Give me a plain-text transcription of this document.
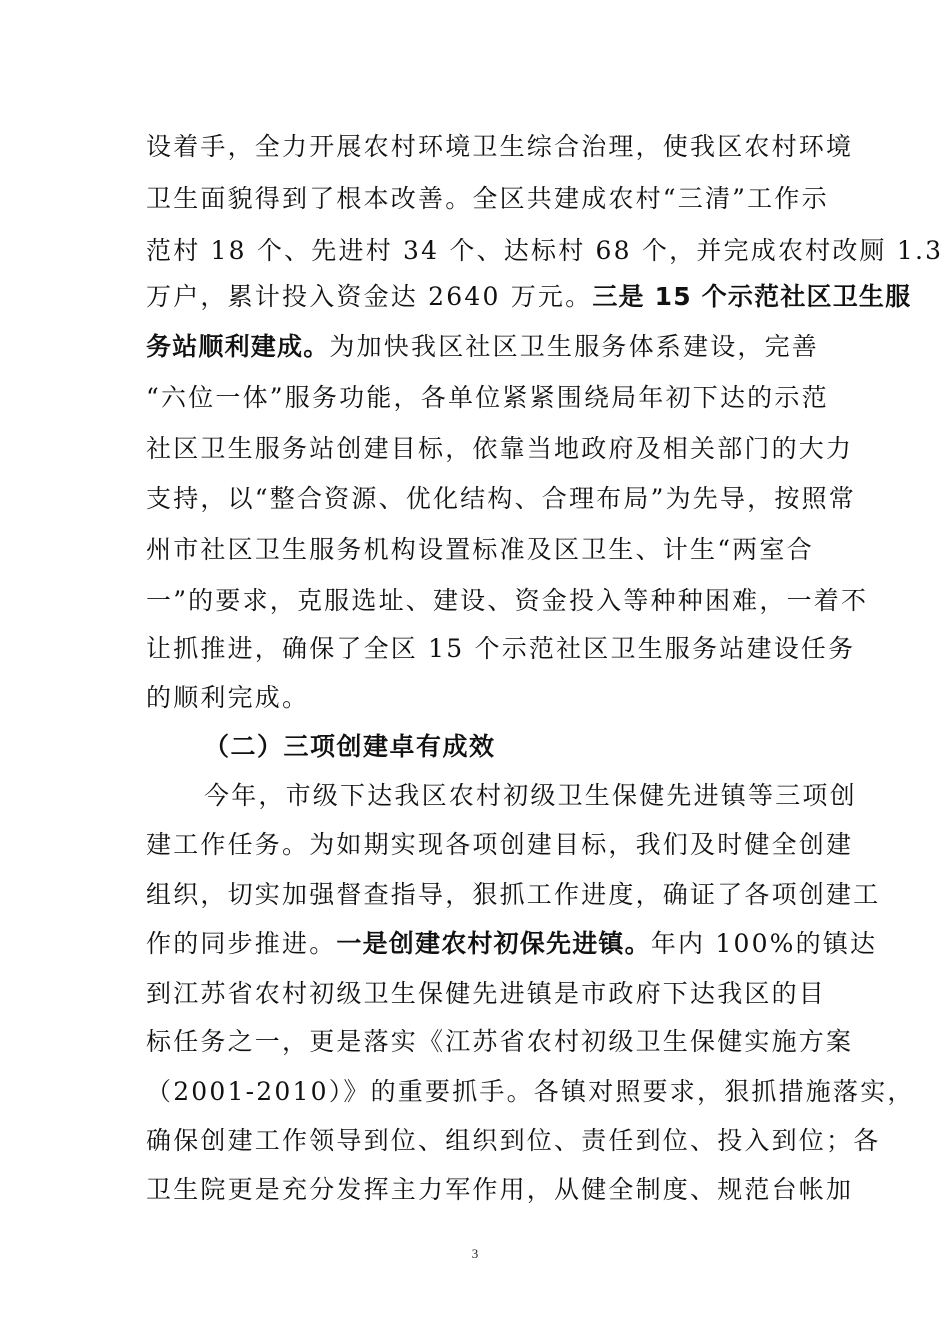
设着手，全力开展农村环境卫生综合治理，使我区农村环境
卫生面貌得到了根本改善。全区共建成农村“三清”工作示
范村 18 个、先进村 34 个、达标村 68 个，并完成农村改厕 1.3
万户，累计投入资金达 2640 万元。三是 15 个示范社区卫生服
务站顺利建成。为加快我区社区卫生服务体系建设，完善
“六位一体”服务功能，各单位紧紧围绕局年初下达的示范
社区卫生服务站创建目标，依靠当地政府及相关部门的大力
支持，以“整合资源、优化结构、合理布局”为先导，按照常
州市社区卫生服务机构设置标准及区卫生、计生“两室合
一”的要求，克服选址、建设、资金投入等种种困难，一着不
让抓推进，确保了全区 15 个示范社区卫生服务站建设任务
的顺利完成。
（二）三项创建卓有成效
今年，市级下达我区农村初级卫生保健先进镇等三项创
建工作任务。为如期实现各项创建目标，我们及时健全创建
组织，切实加强督查指导，狠抓工作进度，确证了各项创建工
作的同步推进。一是创建农村初保先进镇。年内 100%的镇达
到江苏省农村初级卫生保健先进镇是市政府下达我区的目
标任务之一，更是落实《江苏省农村初级卫生保健实施方案
（2001-2010）》的重要抓手。各镇对照要求，狠抓措施落实，
确保创建工作领导到位、组织到位、责任到位、投入到位；各
卫生院更是充分发挥主力军作用，从健全制度、规范台帐加
3
